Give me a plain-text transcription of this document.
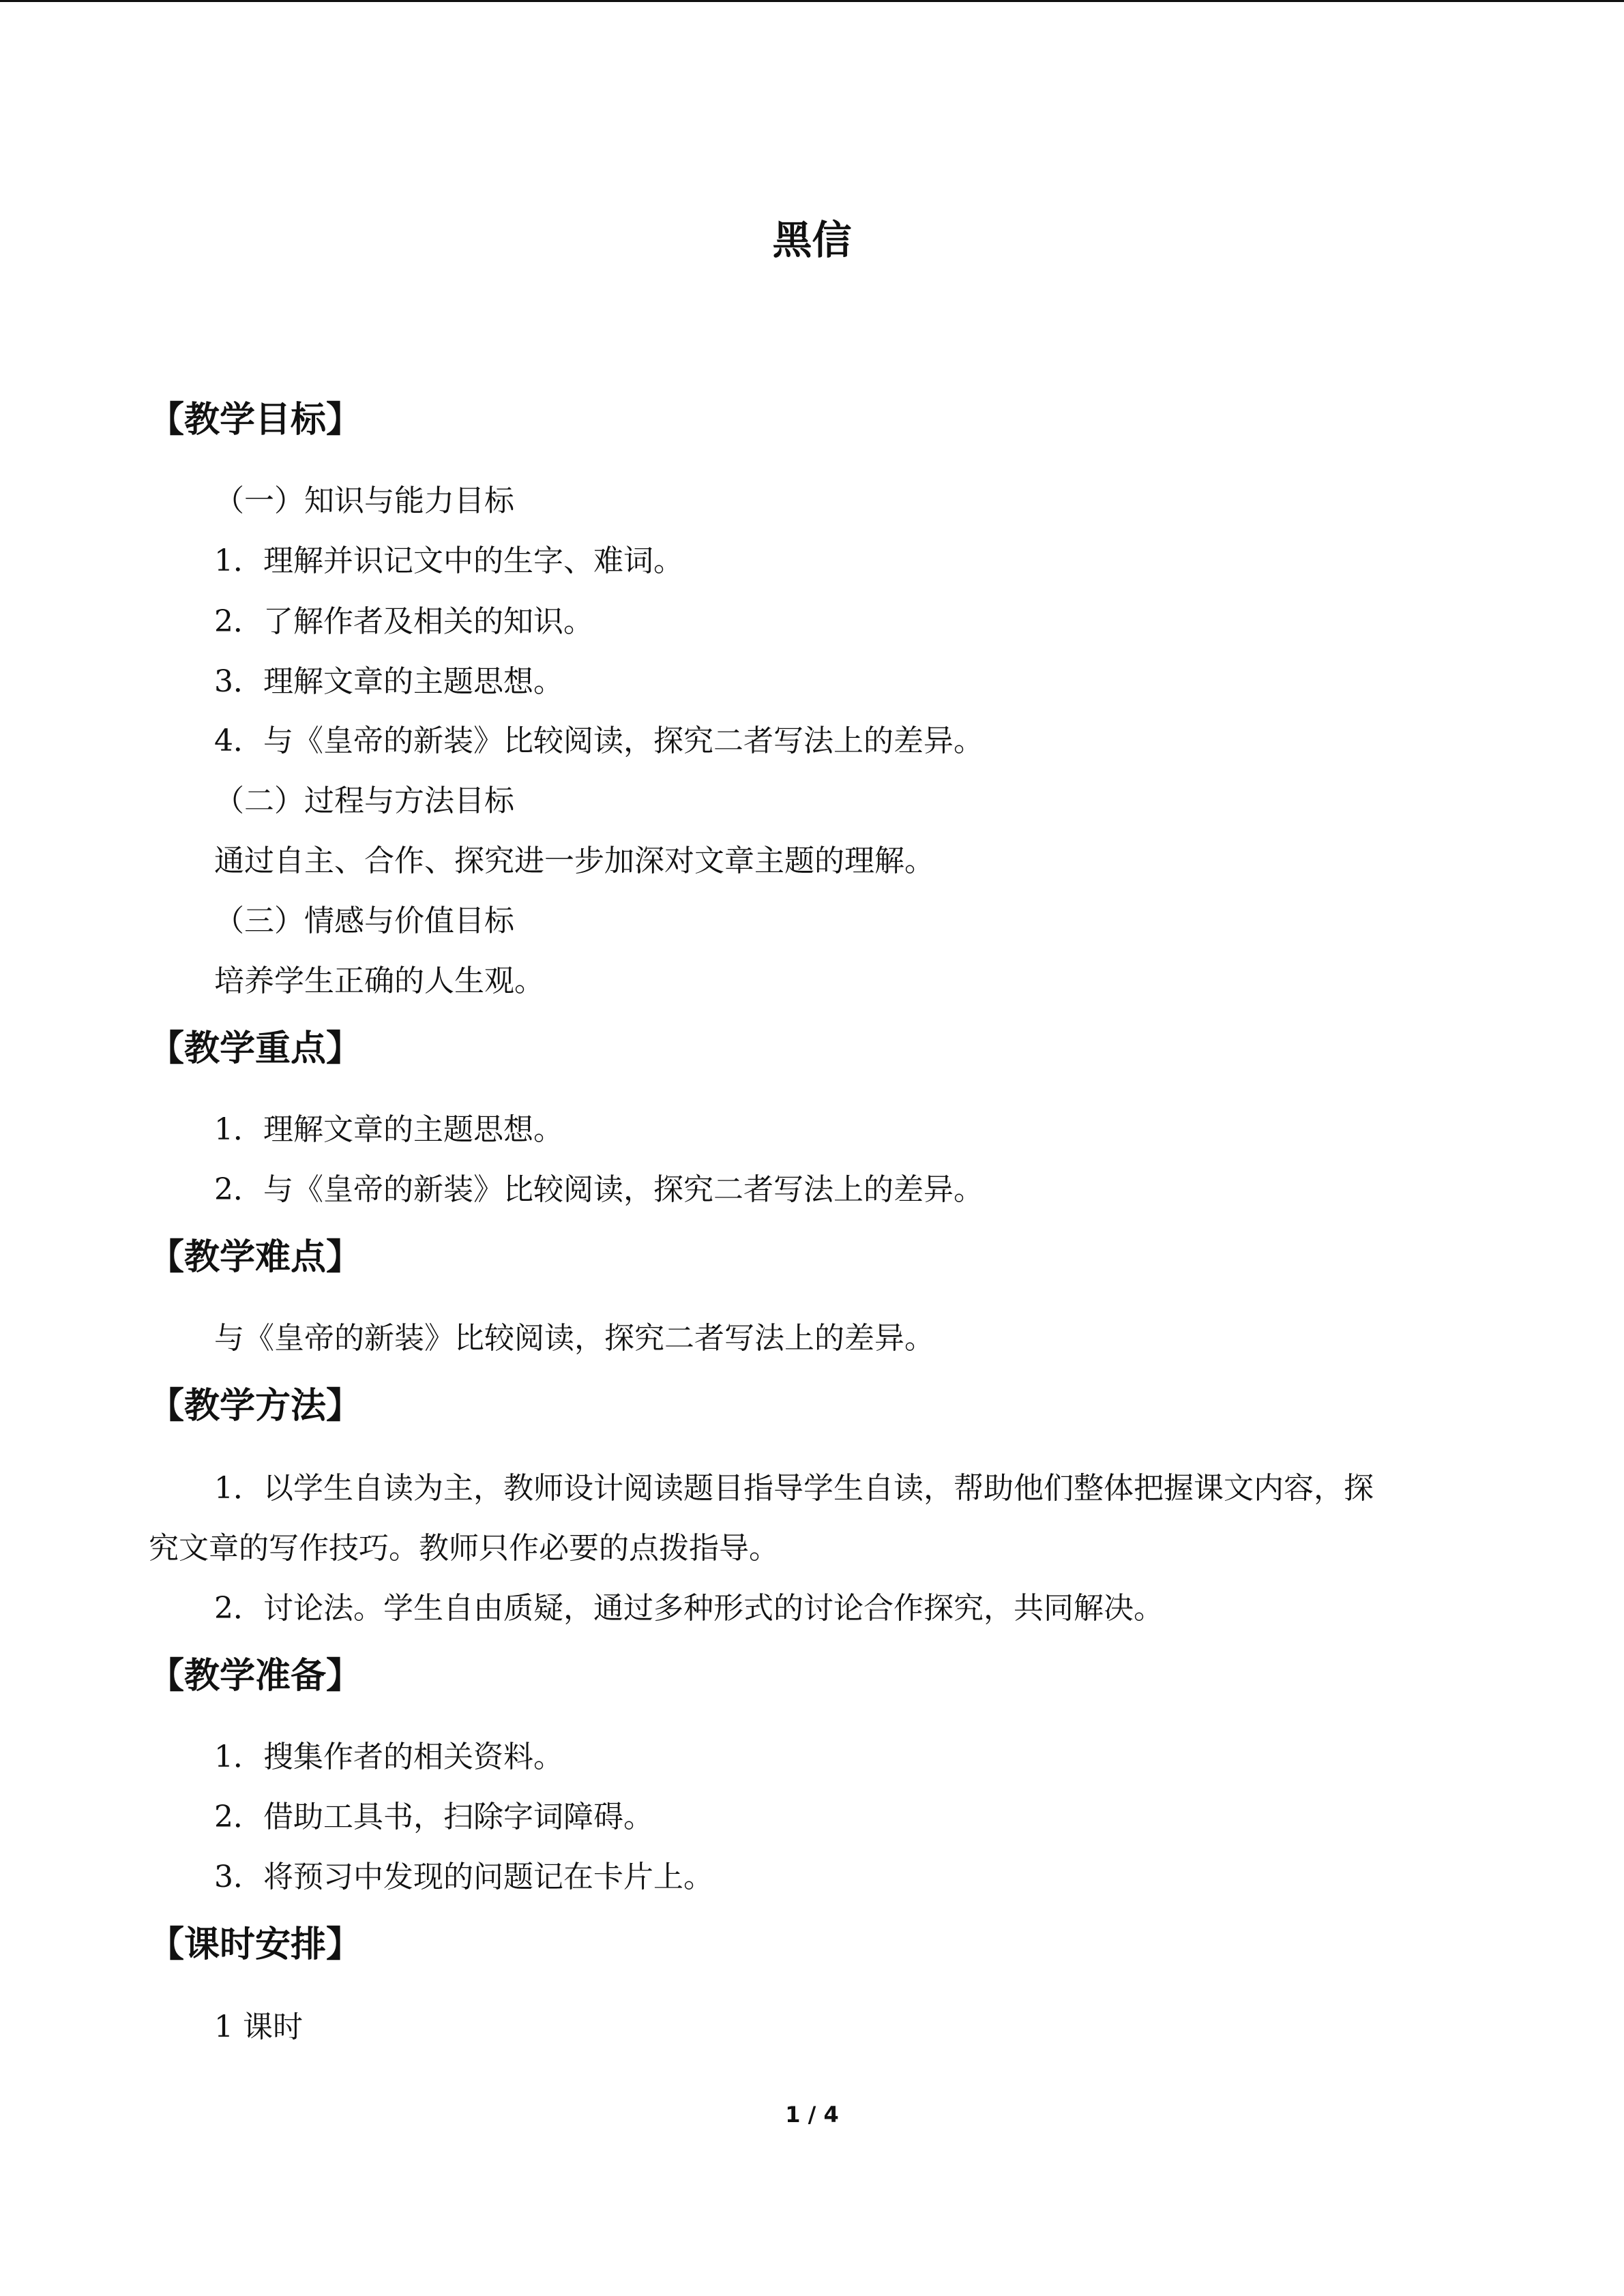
黑信

【教学目标】

（一）知识与能力目标

1．理解并识记文中的生字、难词。

2．了解作者及相关的知识。

3．理解文章的主题思想。

4．与《皇帝的新装》比较阅读，探究二者写法上的差异。

（二）过程与方法目标

通过自主、合作、探究进一步加深对文章主题的理解。

（三）情感与价值目标

培养学生正确的人生观。

【教学重点】

1．理解文章的主题思想。

2．与《皇帝的新装》比较阅读，探究二者写法上的差异。

【教学难点】

与《皇帝的新装》比较阅读，探究二者写法上的差异。

【教学方法】

1．以学生自读为主，教师设计阅读题目指导学生自读，帮助他们整体把握课文内容，探

究文章的写作技巧。教师只作必要的点拨指导。

2．讨论法。学生自由质疑，通过多种形式的讨论合作探究，共同解决。

【教学准备】

1．搜集作者的相关资料。

2．借助工具书，扫除字词障碍。

3．将预习中发现的问题记在卡片上。

【课时安排】

1 课时

1 / 4
